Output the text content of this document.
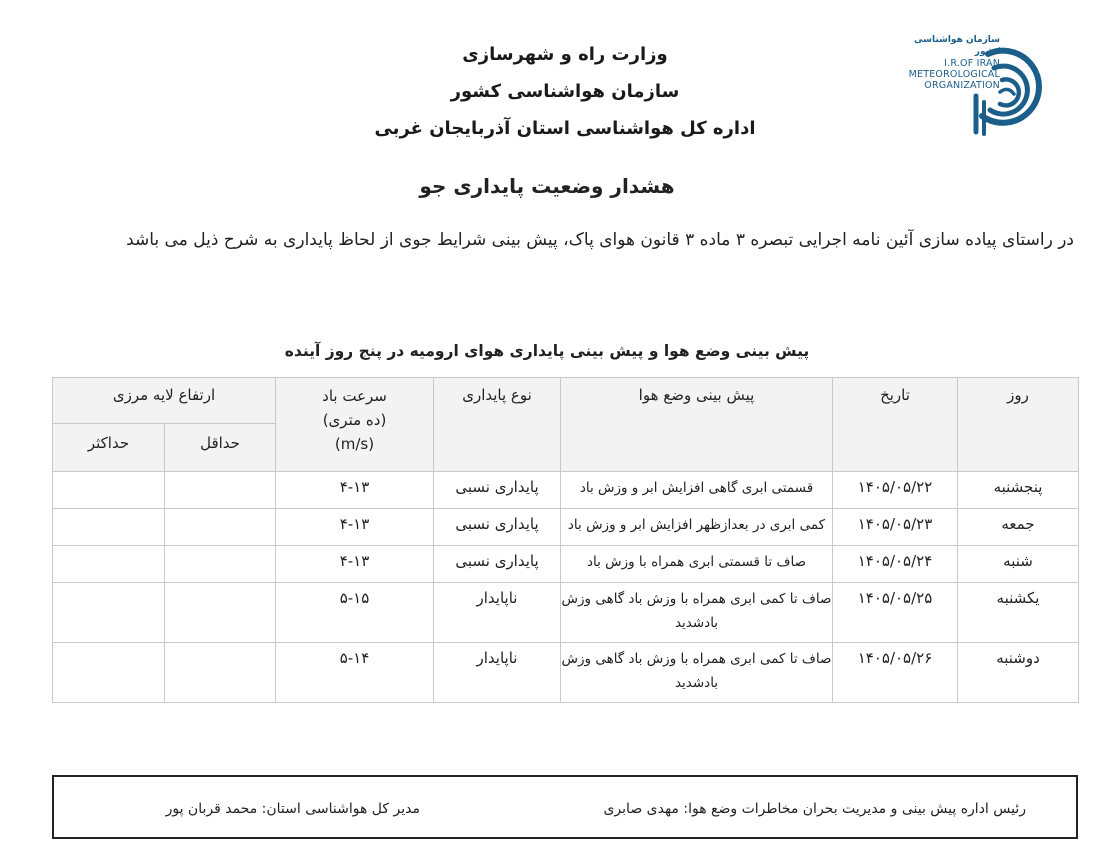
وزارت راه و شهرسازی
سازمان هواشناسی کشور
اداره کل هواشناسی استان آذربایجان غربی
سازمان هواشناسی کشور
I.R.OF IRAN
METEOROLOGICAL
ORGANIZATION
هشدار وضعیت پایداری جو
در راستای پیاده سازی آئین نامه اجرایی تبصره ۳ ماده ۳ قانون هوای پاک، پیش بینی شرایط جوی از لحاظ پایداری به شرح ذیل می باشد
پیش بینی وضع هوا و پیش بینی پایداری هوای ارومیه در پنج روز آینده
روز	تاریخ	پیش بینی وضع هوا	نوع پایداری	سرعت باد
(ده متری)
(m/s)	ارتفاع لایه مرزی	
					حداقل	حداکثر
پنجشنبه	۱۴۰۵/۰۵/۲۲	قسمتی ابری گاهی افزایش ابر و وزش باد	پایداری نسبی	۴-۱۳		
جمعه	۱۴۰۵/۰۵/۲۳	کمی ابری در بعدازظهر افزایش ابر و وزش باد	پایداری نسبی	۴-۱۳		
شنبه	۱۴۰۵/۰۵/۲۴	صاف تا قسمتی ابری همراه با وزش باد	پایداری نسبی	۴-۱۳		
یکشنبه	۱۴۰۵/۰۵/۲۵	صاف تا کمی ابری همراه با وزش باد گاهی وزش بادشدید	ناپایدار	۵-۱۵		
دوشنبه	۱۴۰۵/۰۵/۲۶	صاف تا کمی ابری همراه با وزش باد گاهی وزش بادشدید	ناپایدار	۵-۱۴		
رئیس اداره پیش بینی و مدیریت بحران مخاطرات وضع هوا: مهدی صابری
مدیر کل هواشناسی استان: محمد قربان پور
